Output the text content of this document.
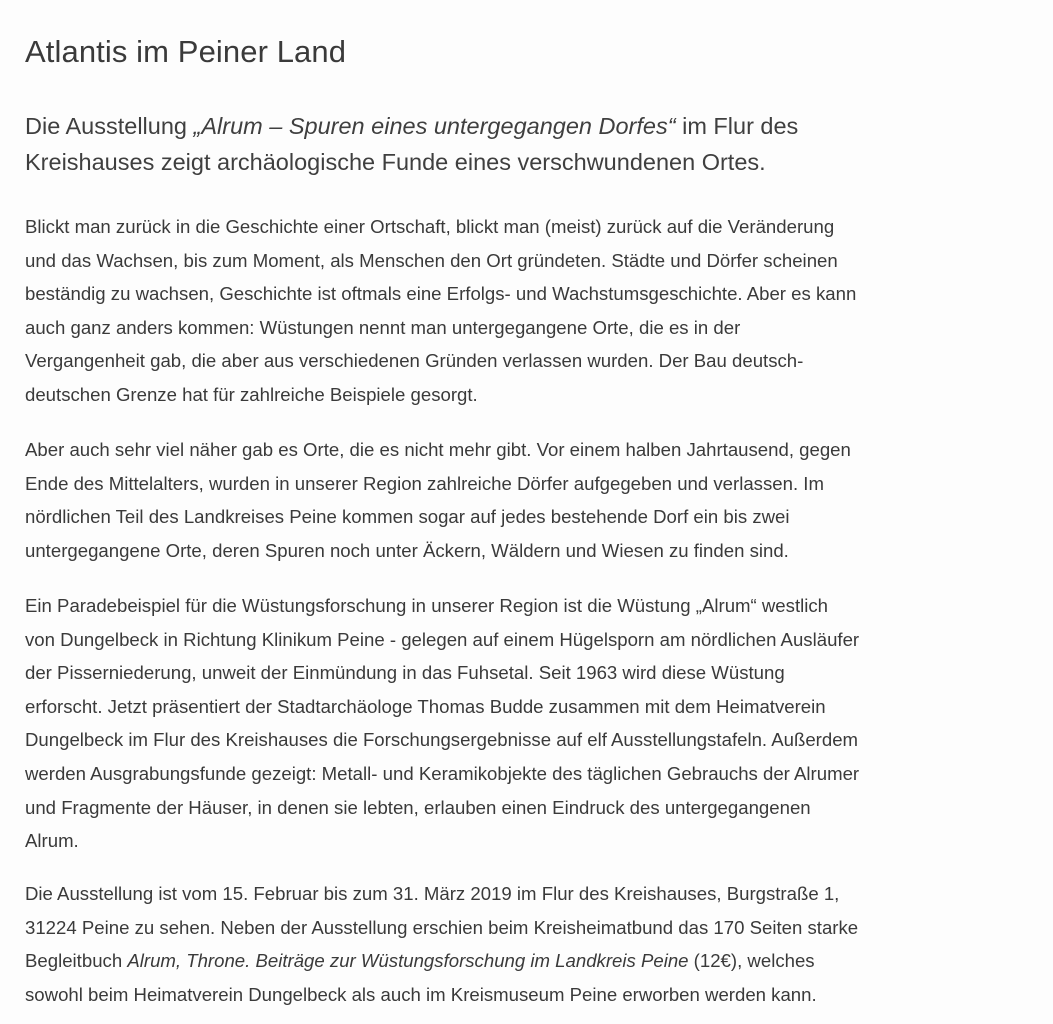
Atlantis im Peiner Land
Die Ausstellung „Alrum – Spuren eines untergegangen Dorfes“ im Flur des
Kreishauses zeigt archäologische Funde eines verschwundenen Ortes.

Blickt man zurück in die Geschichte einer Ortschaft, blickt man (meist) zurück auf die Veränderung
und das Wachsen, bis zum Moment, als Menschen den Ort gründeten. Städte und Dörfer scheinen
beständig zu wachsen, Geschichte ist oftmals eine Erfolgs- und Wachstumsgeschichte. Aber es kann
auch ganz anders kommen: Wüstungen nennt man untergegangene Orte, die es in der
Vergangenheit gab, die aber aus verschiedenen Gründen verlassen wurden. Der Bau deutsch-
deutschen Grenze hat für zahlreiche Beispiele gesorgt.

Aber auch sehr viel näher gab es Orte, die es nicht mehr gibt. Vor einem halben Jahrtausend, gegen
Ende des Mittelalters, wurden in unserer Region zahlreiche Dörfer aufgegeben und verlassen. Im
nördlichen Teil des Landkreises Peine kommen sogar auf jedes bestehende Dorf ein bis zwei
untergegangene Orte, deren Spuren noch unter Äckern, Wäldern und Wiesen zu finden sind.

Ein Paradebeispiel für die Wüstungsforschung in unserer Region ist die Wüstung „Alrum“ westlich
von Dungelbeck in Richtung Klinikum Peine - gelegen auf einem Hügelsporn am nördlichen Ausläufer
der Pisserniederung, unweit der Einmündung in das Fuhsetal. Seit 1963 wird diese Wüstung
erforscht. Jetzt präsentiert der Stadtarchäologe Thomas Budde zusammen mit dem Heimatverein
Dungelbeck im Flur des Kreishauses die Forschungsergebnisse auf elf Ausstellungstafeln. Außerdem
werden Ausgrabungsfunde gezeigt: Metall- und Keramikobjekte des täglichen Gebrauchs der Alrumer
und Fragmente der Häuser, in denen sie lebten, erlauben einen Eindruck des untergegangenen
Alrum.

Die Ausstellung ist vom 15. Februar bis zum 31. März 2019 im Flur des Kreishauses, Burgstraße 1,
31224 Peine zu sehen. Neben der Ausstellung erschien beim Kreisheimatbund das 170 Seiten starke
Begleitbuch Alrum, Throne. Beiträge zur Wüstungsforschung im Landkreis Peine (12€), welches
sowohl beim Heimatverein Dungelbeck als auch im Kreismuseum Peine erworben werden kann.
